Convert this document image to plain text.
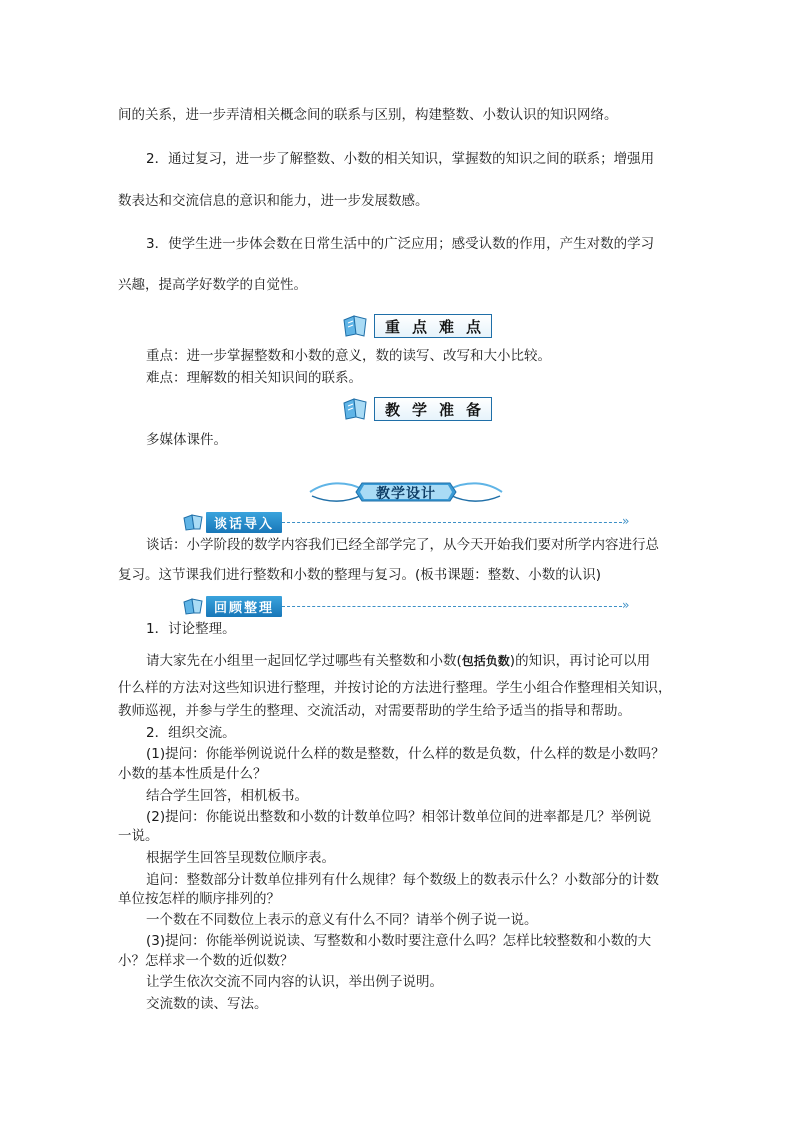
间的关系，进一步弄清相关概念间的联系与区别，构建整数、小数认识的知识网络。
2．通过复习，进一步了解整数、小数的相关知识，掌握数的知识之间的联系；增强用
数表达和交流信息的意识和能力，进一步发展数感。
3．使学生进一步体会数在日常生活中的广泛应用；感受认数的作用，产生对数的学习
兴趣，提高学好数学的自觉性。
重 点 难 点
重点：进一步掌握整数和小数的意义，数的读写、改写和大小比较。
难点：理解数的相关知识间的联系。
教 学 准 备
多媒体课件。
教学设计
谈话导入	»
谈话：小学阶段的数学内容我们已经全部学完了，从今天开始我们要对所学内容进行总
复习。这节课我们进行整数和小数的整理与复习。(板书课题：整数、小数的认识)
回顾整理	»
1．讨论整理。
请大家先在小组里一起回忆学过哪些有关整数和小数(包括负数)的知识，再讨论可以用
什么样的方法对这些知识进行整理，并按讨论的方法进行整理。学生小组合作整理相关知识，
教师巡视，并参与学生的整理、交流活动，对需要帮助的学生给予适当的指导和帮助。
2．组织交流。
(1)提问：你能举例说说什么样的数是整数，什么样的数是负数，什么样的数是小数吗？
小数的基本性质是什么？
结合学生回答，相机板书。
(2)提问：你能说出整数和小数的计数单位吗？相邻计数单位间的进率都是几？举例说
一说。
根据学生回答呈现数位顺序表。
追问：整数部分计数单位排列有什么规律？每个数级上的数表示什么？小数部分的计数
单位按怎样的顺序排列的？
一个数在不同数位上表示的意义有什么不同？请举个例子说一说。
(3)提问：你能举例说说读、写整数和小数时要注意什么吗？怎样比较整数和小数的大
小？怎样求一个数的近似数？
让学生依次交流不同内容的认识，举出例子说明。
交流数的读、写法。
